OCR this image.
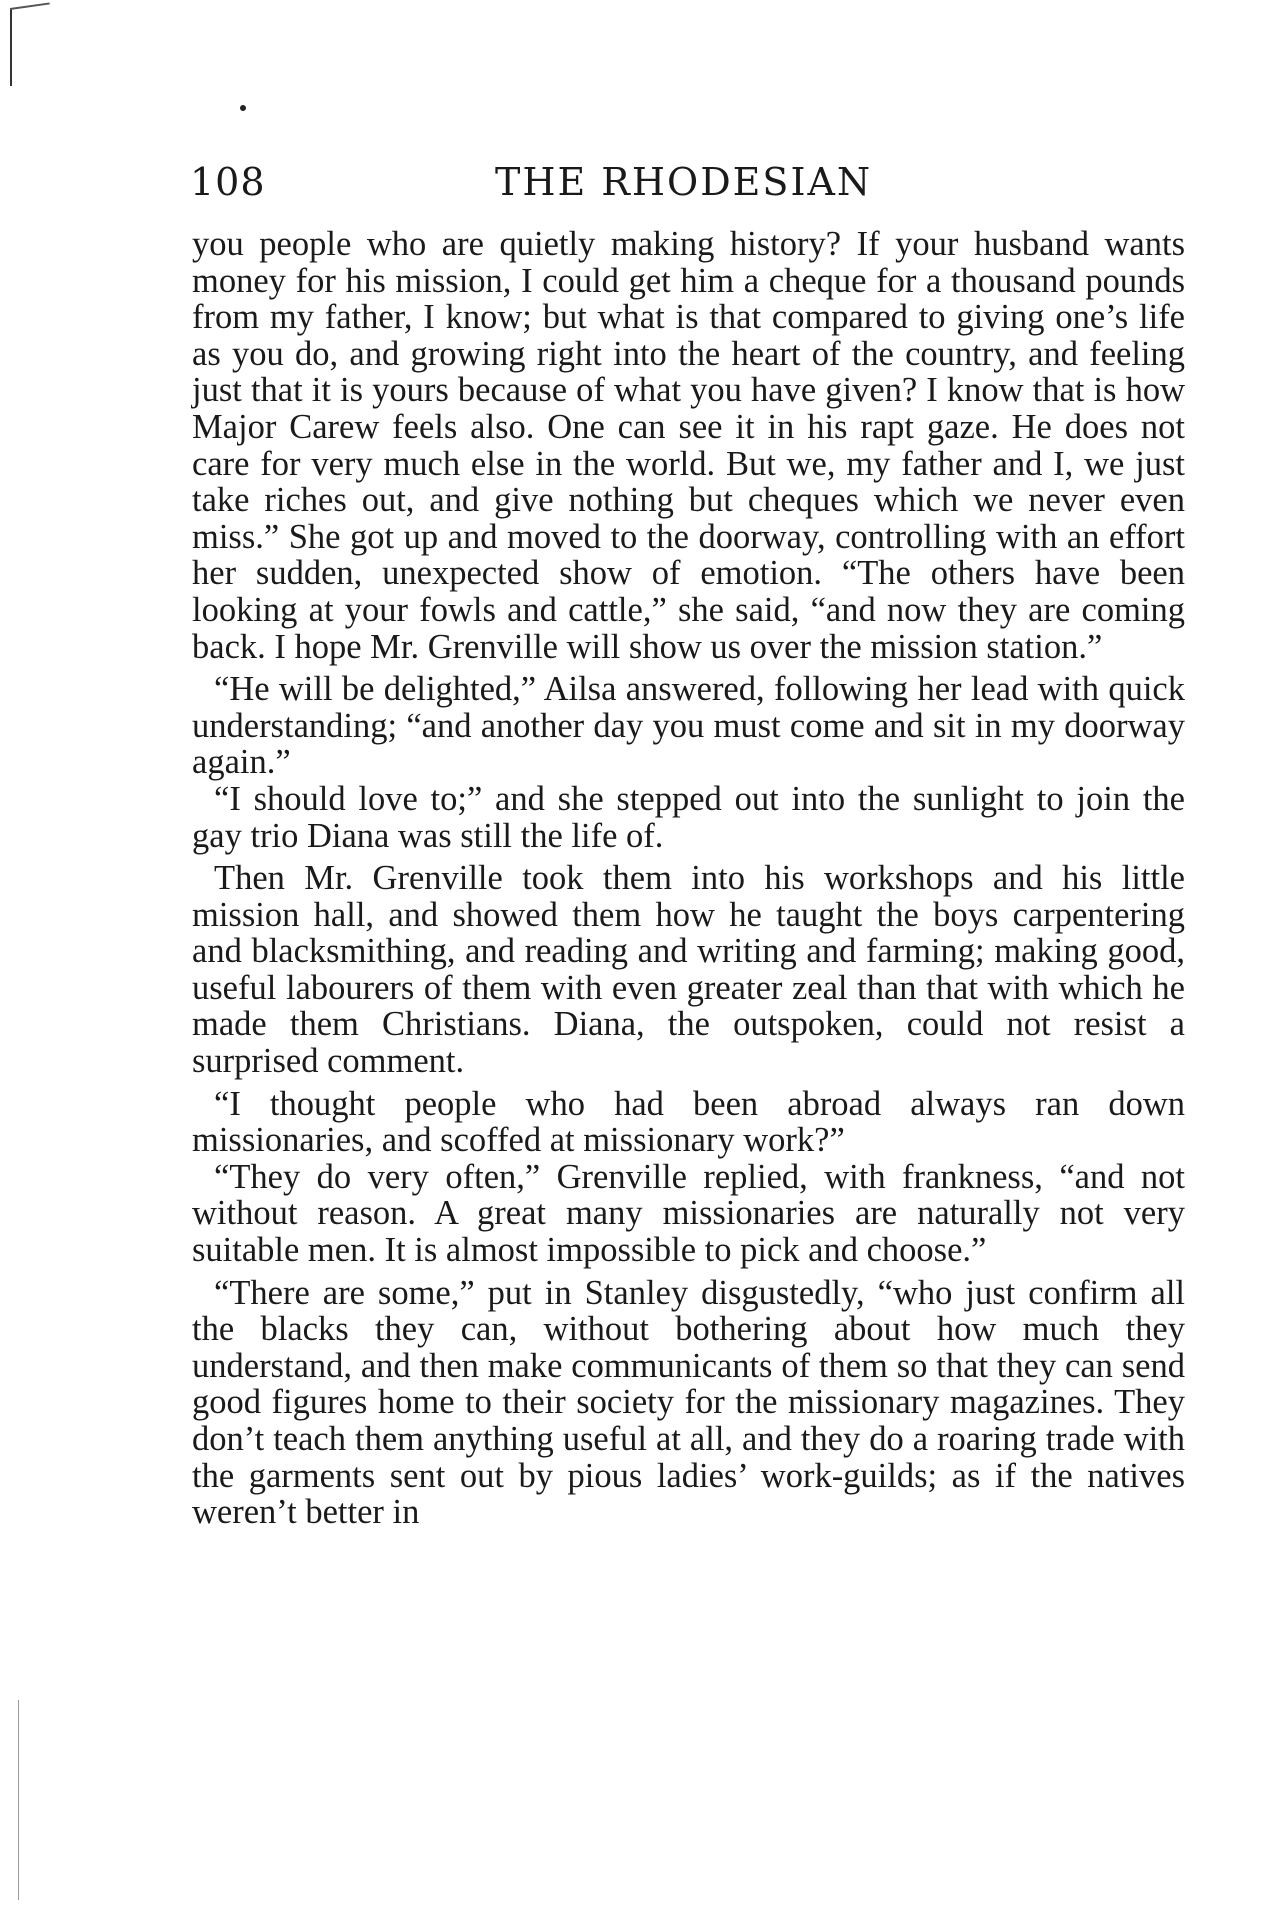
108	THE RHODESIAN

you people who are quietly making history? If your husband wants money for his mission, I could get him a cheque for a thousand pounds from my father, I know; but what is that compared to giving one’s life as you do, and growing right into the heart of the country, and feeling just that it is yours because of what you have given? I know that is how Major Carew feels also. One can see it in his rapt gaze. He does not care for very much else in the world. But we, my father and I, we just take riches out, and give nothing but cheques which we never even miss.” She got up and moved to the doorway, controlling with an effort her sudden, unexpected show of emotion. “The others have been looking at your fowls and cattle,” she said, “and now they are coming back. I hope Mr. Grenville will show us over the mission station.”

“He will be delighted,” Ailsa answered, following her lead with quick understanding; “and another day you must come and sit in my doorway again.”

“I should love to;” and she stepped out into the sunlight to join the gay trio Diana was still the life of.

Then Mr. Grenville took them into his workshops and his little mission hall, and showed them how he taught the boys carpentering and blacksmithing, and reading and writing and farming; making good, useful labourers of them with even greater zeal than that with which he made them Christians. Diana, the outspoken, could not resist a surprised comment.

“I thought people who had been abroad always ran down missionaries, and scoffed at missionary work?”

“They do very often,” Grenville replied, with frankness, “and not without reason. A great many missionaries are naturally not very suitable men. It is almost impossible to pick and choose.”

“There are some,” put in Stanley disgustedly, “who just confirm all the blacks they can, without bothering about how much they understand, and then make communicants of them so that they can send good figures home to their society for the missionary magazines. They don’t teach them anything useful at all, and they do a roaring trade with the garments sent out by pious ladies’ work-guilds; as if the natives weren’t better in
